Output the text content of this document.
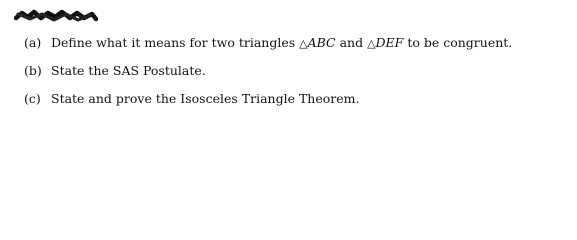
(a) Define what it means for two triangles △ABC and △DEF to be congruent.
(b) State the SAS Postulate.
(c) State and prove the Isosceles Triangle Theorem.
